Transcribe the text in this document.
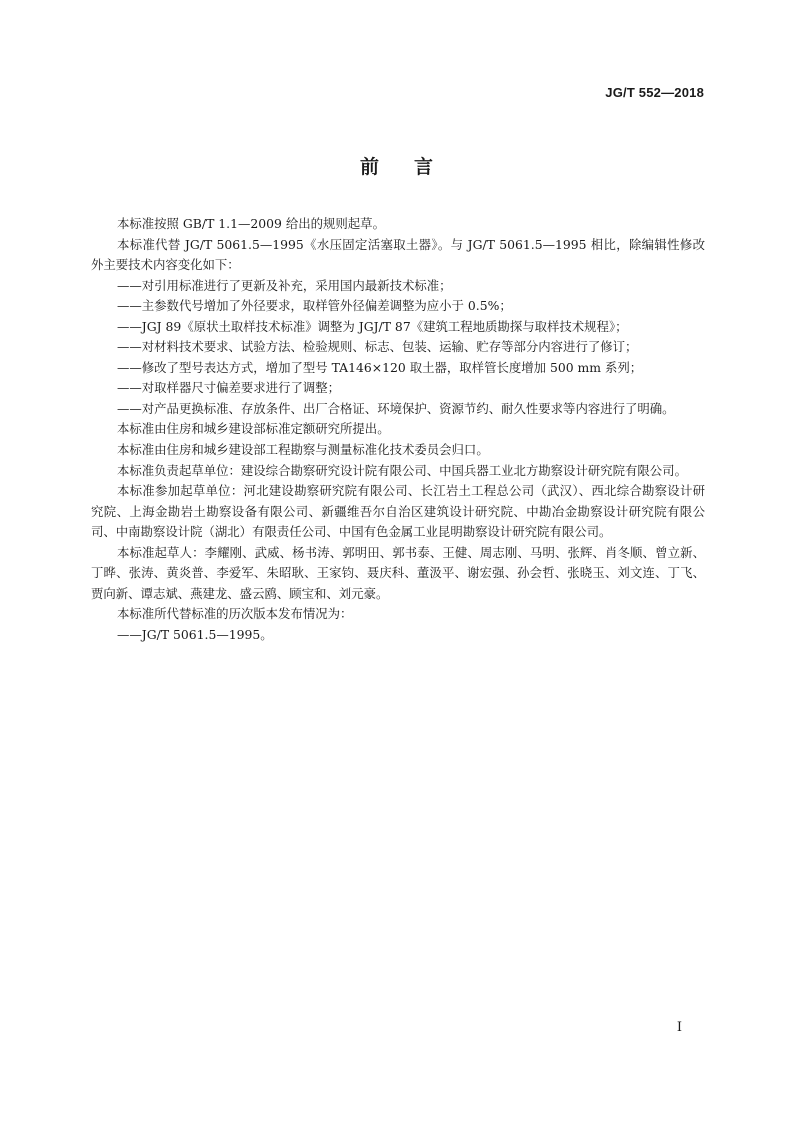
JG/T 552—2018
前 言

本标准按照 GB/T 1.1—2009 给出的规则起草。

本标准代替 JG/T 5061.5—1995《水压固定活塞取土器》。与 JG/T 5061.5—1995 相比，除编辑性修改外主要技术内容变化如下：

——对引用标准进行了更新及补充，采用国内最新技术标准；

——主参数代号增加了外径要求，取样管外径偏差调整为应小于 0.5%；

——JGJ 89《原状土取样技术标准》调整为 JGJ/T 87《建筑工程地质勘探与取样技术规程》；

——对材料技术要求、试验方法、检验规则、标志、包装、运输、贮存等部分内容进行了修订；

——修改了型号表达方式，增加了型号 TA146×120 取土器，取样管长度增加 500 mm 系列；

——对取样器尺寸偏差要求进行了调整；

——对产品更换标准、存放条件、出厂合格证、环境保护、资源节约、耐久性要求等内容进行了明确。

本标准由住房和城乡建设部标准定额研究所提出。

本标准由住房和城乡建设部工程勘察与测量标准化技术委员会归口。

本标准负责起草单位：建设综合勘察研究设计院有限公司、中国兵器工业北方勘察设计研究院有限公司。

本标准参加起草单位：河北建设勘察研究院有限公司、长江岩土工程总公司（武汉）、西北综合勘察设计研究院、上海金勘岩土勘察设备有限公司、新疆维吾尔自治区建筑设计研究院、中勘冶金勘察设计研究院有限公司、中南勘察设计院（湖北）有限责任公司、中国有色金属工业昆明勘察设计研究院有限公司。

本标准起草人：李耀刚、武威、杨书涛、郭明田、郭书泰、王健、周志刚、马明、张辉、肖冬顺、曾立新、丁晔、张涛、黄炎普、李爱军、朱昭耿、王家钧、聂庆科、董汲平、谢宏强、孙会哲、张晓玉、刘文连、丁飞、贾向新、谭志斌、燕建龙、盛云鸥、顾宝和、刘元豪。

本标准所代替标准的历次版本发布情况为：

——JG/T 5061.5—1995。

I
